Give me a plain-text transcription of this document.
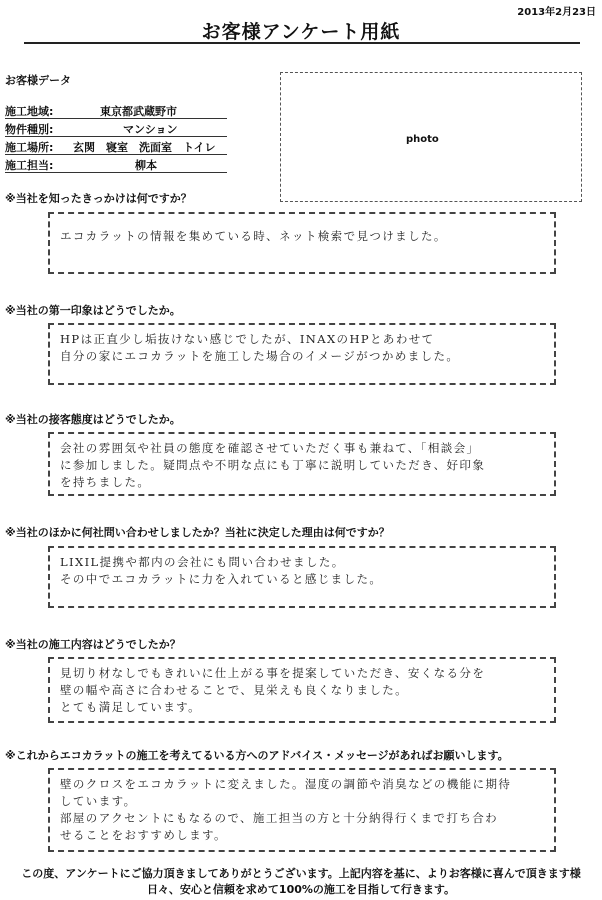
2013年2月23日
お客様アンケート用紙
お客様データ
施工地域:	東京都武蔵野市
物件種別:	マンション
施工場所: 玄関　寝室　洗面室　トイレ
施工担当:	柳本
photo
※当社を知ったきっかけは何ですか？

エコカラットの情報を集めている時、ネット検索で見つけました。

※当社の第一印象はどうでしたか。

HPは正直少し垢抜けない感じでしたが、INAXのHPとあわせて

自分の家にエコカラットを施工した場合のイメージがつかめました。

※当社の接客態度はどうでしたか。

会社の雰囲気や社員の態度を確認させていただく事も兼ねて、「相談会」

に参加しました。疑問点や不明な点にも丁寧に説明していただき、好印象

を持ちました。

※当社のほかに何社問い合わせしましたか？当社に決定した理由は何ですか？

LIXIL提携や都内の会社にも問い合わせました。

その中でエコカラットに力を入れていると感じました。

※当社の施工内容はどうでしたか？

見切り材なしでもきれいに仕上がる事を提案していただき、安くなる分を

壁の幅や高さに合わせることで、見栄えも良くなりました。

とても満足しています。

※これからエコカラットの施工を考えてるいる方へのアドバイス・メッセージがあればお願いします。

壁のクロスをエコカラットに変えました。湿度の調節や消臭などの機能に期待

しています。

部屋のアクセントにもなるので、施工担当の方と十分納得行くまで打ち合わ

せることをおすすめします。

この度、アンケートにご協力頂きましてありがとうございます。上記内容を基に、よりお客様に喜んで頂きます様

日々、安心と信頼を求めて100%の施工を目指して行きます。
